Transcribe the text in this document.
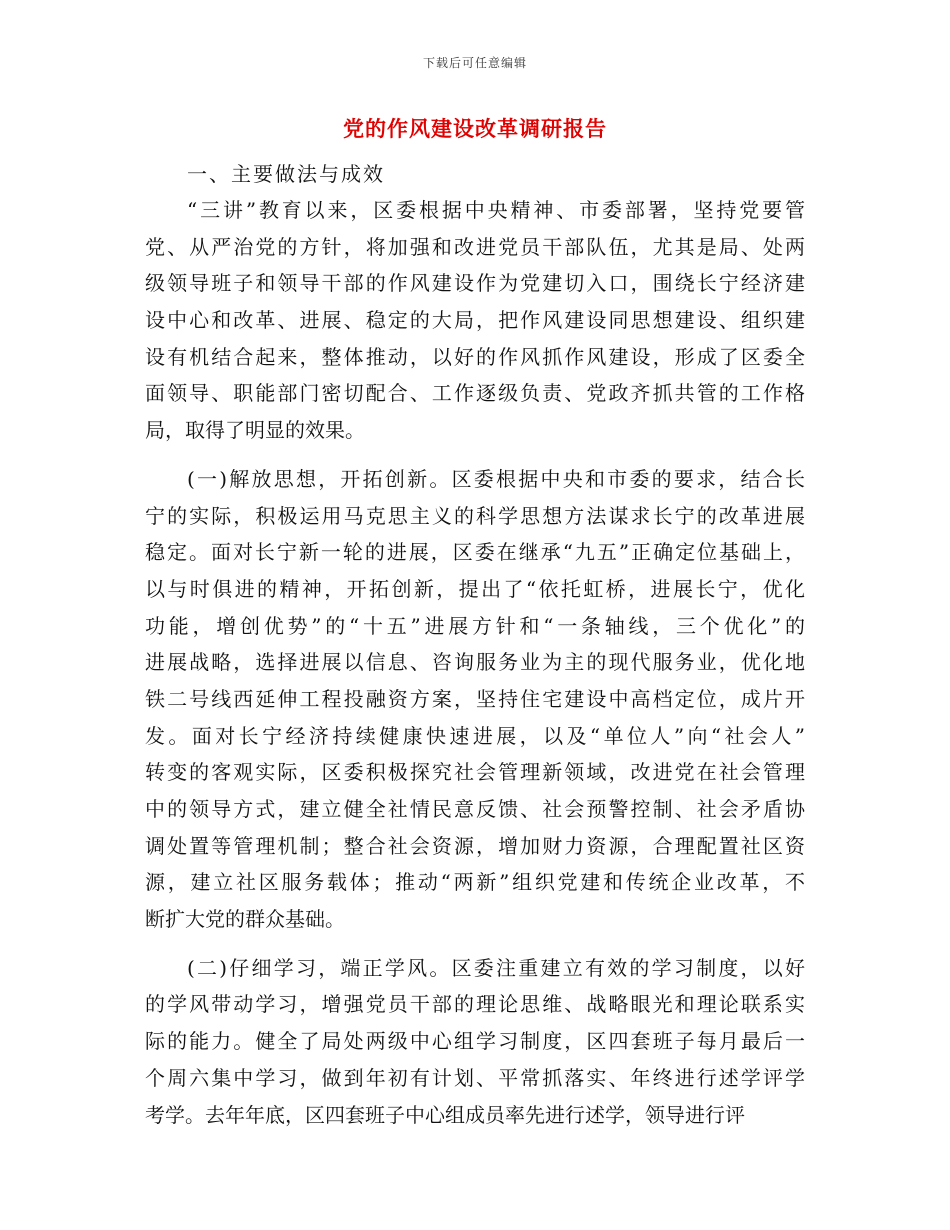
下载后可任意编辑
党的作风建设改革调研报告
一、主要做法与成效
“三讲”教育以来，区委根据中央精神、市委部署，坚持党要管
党、从严治党的方针，将加强和改进党员干部队伍，尤其是局、处两
级领导班子和领导干部的作风建设作为党建切入口，围绕长宁经济建
设中心和改革、进展、稳定的大局，把作风建设同思想建设、组织建
设有机结合起来，整体推动，以好的作风抓作风建设，形成了区委全
面领导、职能部门密切配合、工作逐级负责、党政齐抓共管的工作格
局，取得了明显的效果。
(一)解放思想，开拓创新。区委根据中央和市委的要求，结合长
宁的实际，积极运用马克思主义的科学思想方法谋求长宁的改革进展
稳定。面对长宁新一轮的进展，区委在继承“九五”正确定位基础上，
以与时俱进的精神，开拓创新，提出了“依托虹桥，进展长宁，优化
功能，增创优势”的“十五”进展方针和“一条轴线，三个优化”的
进展战略，选择进展以信息、咨询服务业为主的现代服务业，优化地
铁二号线西延伸工程投融资方案，坚持住宅建设中高档定位，成片开
发。面对长宁经济持续健康快速进展，以及“单位人”向“社会人”
转变的客观实际，区委积极探究社会管理新领域，改进党在社会管理
中的领导方式，建立健全社情民意反馈、社会预警控制、社会矛盾协
调处置等管理机制；整合社会资源，增加财力资源，合理配置社区资
源，建立社区服务载体；推动“两新”组织党建和传统企业改革，不
断扩大党的群众基础。
(二)仔细学习，端正学风。区委注重建立有效的学习制度，以好
的学风带动学习，增强党员干部的理论思维、战略眼光和理论联系实
际的能力。健全了局处两级中心组学习制度，区四套班子每月最后一
个周六集中学习，做到年初有计划、平常抓落实、年终进行述学评学
考学。去年年底，区四套班子中心组成员率先进行述学，领导进行评
